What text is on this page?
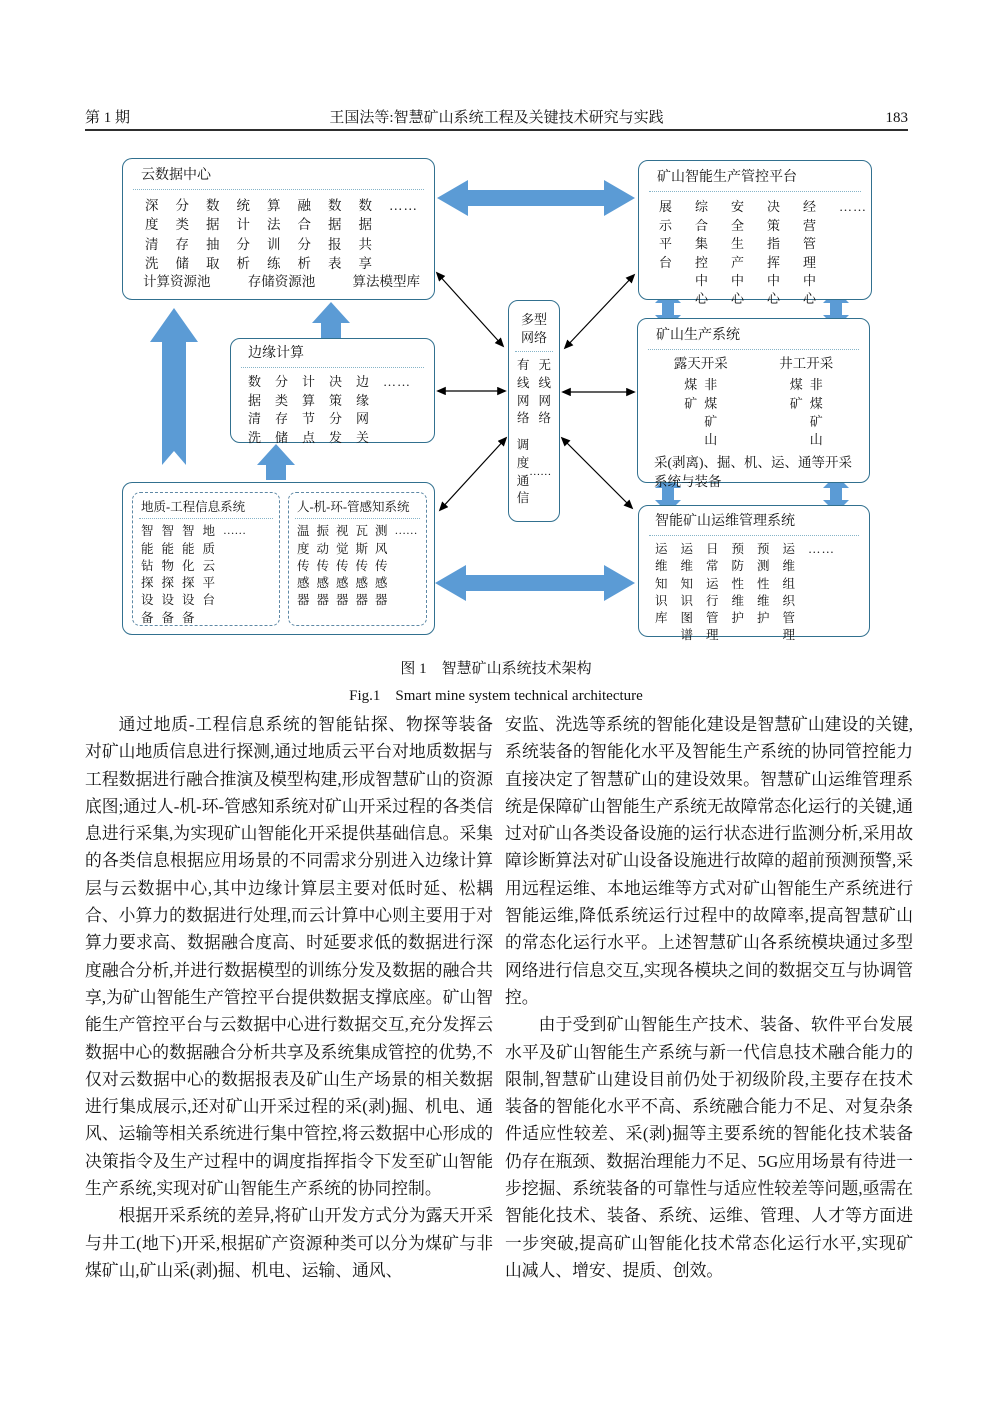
第 1 期	王国法等:智慧矿山系统工程及关键技术研究与实践	183
云数据中心
深度清洗
分类存储
数据抽取
统计分析
算法训练
融合分析
数据报表
数据共享
……
计算资源池	存储资源池	算法模型库
矿山智能生产管控平台
展示平台
综合集控中心
安全生产中心
决策指挥中心
经营管理中心
……
多型网络
有线网络
无线网络
调度通信
……
边缘计算
数据清洗
分类存储
计算节点
决策分发
边缘网关
……
矿山生产系统
露天开采
煤矿
非煤矿山
井工开采
煤矿
非煤矿山
采(剥离)、掘、机、运、通等开采系统与装备
地质-工程信息系统
智能钻探设备
智能物探设备
智能化探设备
地质云平台
……
人-机-环-管感知系统
温度传感器
振动传感器
视觉传感器
瓦斯传感器
测风传感器
……
智能矿山运维管理系统
运维知识库
运维知识图谱
日常运行管理
预防性维护
预测性维护
运维组织管理
……
图 1　智慧矿山系统技术架构
Fig.1　Smart mine system technical architecture

通过地质-工程信息系统的智能钻探、物探等装备对矿山地质信息进行探测,通过地质云平台对地质数据与工程数据进行融合推演及模型构建,形成智慧矿山的资源底图;通过人-机-环-管感知系统对矿山开采过程的各类信息进行采集,为实现矿山智能化开采提供基础信息。采集的各类信息根据应用场景的不同需求分别进入边缘计算层与云数据中心,其中边缘计算层主要对低时延、松耦合、小算力的数据进行处理,而云计算中心则主要用于对算力要求高、数据融合度高、时延要求低的数据进行深度融合分析,并进行数据模型的训练分发及数据的融合共享,为矿山智能生产管控平台提供数据支撑底座。矿山智能生产管控平台与云数据中心进行数据交互,充分发挥云数据中心的数据融合分析共享及系统集成管控的优势,不仅对云数据中心的数据报表及矿山生产场景的相关数据进行集成展示,还对矿山开采过程的采(剥)掘、机电、通风、运输等相关系统进行集中管控,将云数据中心形成的决策指令及生产过程中的调度指挥指令下发至矿山智能生产系统,实现对矿山智能生产系统的协同控制。

根据开采系统的差异,将矿山开发方式分为露天开采与井工(地下)开采,根据矿产资源种类可以分为煤矿与非煤矿山,矿山采(剥)掘、机电、运输、通风、

安监、洗选等系统的智能化建设是智慧矿山建设的关键,系统装备的智能化水平及智能生产系统的协同管控能力直接决定了智慧矿山的建设效果。智慧矿山运维管理系统是保障矿山智能生产系统无故障常态化运行的关键,通过对矿山各类设备设施的运行状态进行监测分析,采用故障诊断算法对矿山设备设施进行故障的超前预测预警,采用远程运维、本地运维等方式对矿山智能生产系统进行智能运维,降低系统运行过程中的故障率,提高智慧矿山的常态化运行水平。上述智慧矿山各系统模块通过多型网络进行信息交互,实现各模块之间的数据交互与协调管控。

由于受到矿山智能生产技术、装备、软件平台发展水平及矿山智能生产系统与新一代信息技术融合能力的限制,智慧矿山建设目前仍处于初级阶段,主要存在技术装备的智能化水平不高、系统融合能力不足、对复杂条件适应性较差、采(剥)掘等主要系统的智能化技术装备仍存在瓶颈、数据治理能力不足、5G应用场景有待进一步挖掘、系统装备的可靠性与适应性较差等问题,亟需在智能化技术、装备、系统、运维、管理、人才等方面进一步突破,提高矿山智能化技术常态化运行水平,实现矿山减人、增安、提质、创效。
